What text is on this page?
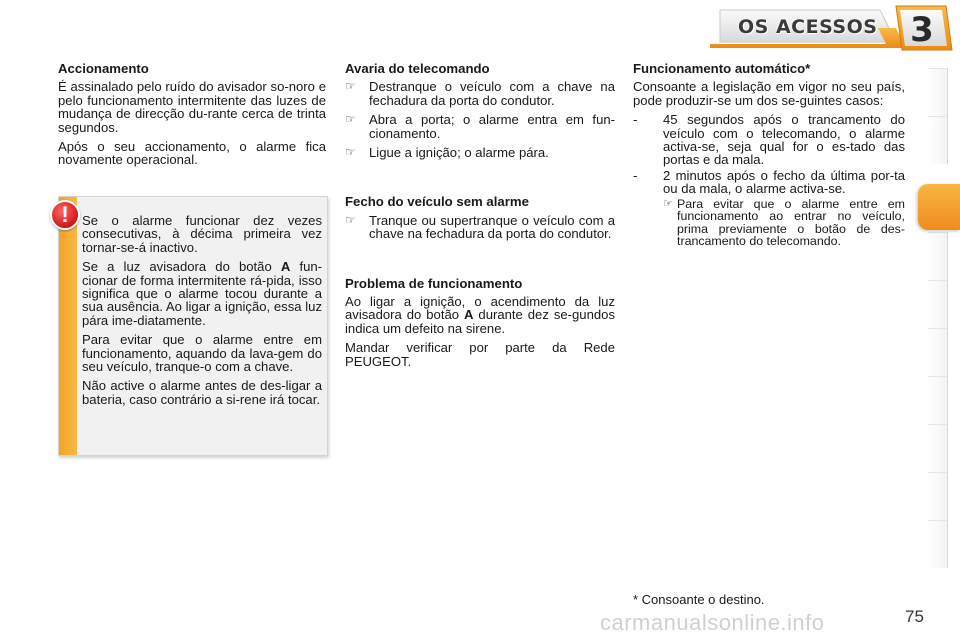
OS ACESSOS 3
Accionamento
É assinalado pelo ruído do avisador so-noro e pelo funcionamento intermitente das luzes de mudança de direcção du-rante cerca de trinta segundos.
Após o seu accionamento, o alarme fica novamente operacional.
!	Se o alarme funcionar dez vezes consecutivas, à décima primeira vez tornar-se-á inactivo.
Se a luz avisadora do botão A fun- cionar de forma intermitente rá-pida, isso significa que o alarme tocou durante a sua ausência. Ao ligar a ignição, essa luz pára ime-diatamente.
Para evitar que o alarme entre em funcionamento, aquando da lava-gem do seu veículo, tranque-o com a chave.
Não active o alarme antes de des-ligar a bateria, caso contrário a si-rene irá tocar.
Avaria do telecomando
☞	Destranque o veículo com a chave na fechadura da porta do condutor.
☞	Abra a porta; o alarme entra em fun-cionamento.
☞	Ligue a ignição; o alarme pára.
Fecho do veículo sem alarme
☞	Tranque ou supertranque o veículo com a chave na fechadura da porta do condutor.
Problema de funcionamento
Ao ligar a ignição, o acendimento da luz avisadora do botão A durante dez se-gundos indica um defeito na sirene.
Mandar verificar por parte da Rede PEUGEOT.
Funcionamento automático*
Consoante a legislação em vigor no seu país, pode produzir-se um dos se-guintes casos:
-	45 segundos após o trancamento do veículo com o telecomando, o alarme activa-se, seja qual for o es-tado das portas e da mala.
-	2 minutos após o fecho da última por-ta ou da mala, o alarme activa-se.
☞ Para evitar que o alarme entre em funcionamento ao entrar no veículo, prima previamente o botão de des-trancamento do telecomando.
* Consoante o destino.
carmanualsonline.info	75
